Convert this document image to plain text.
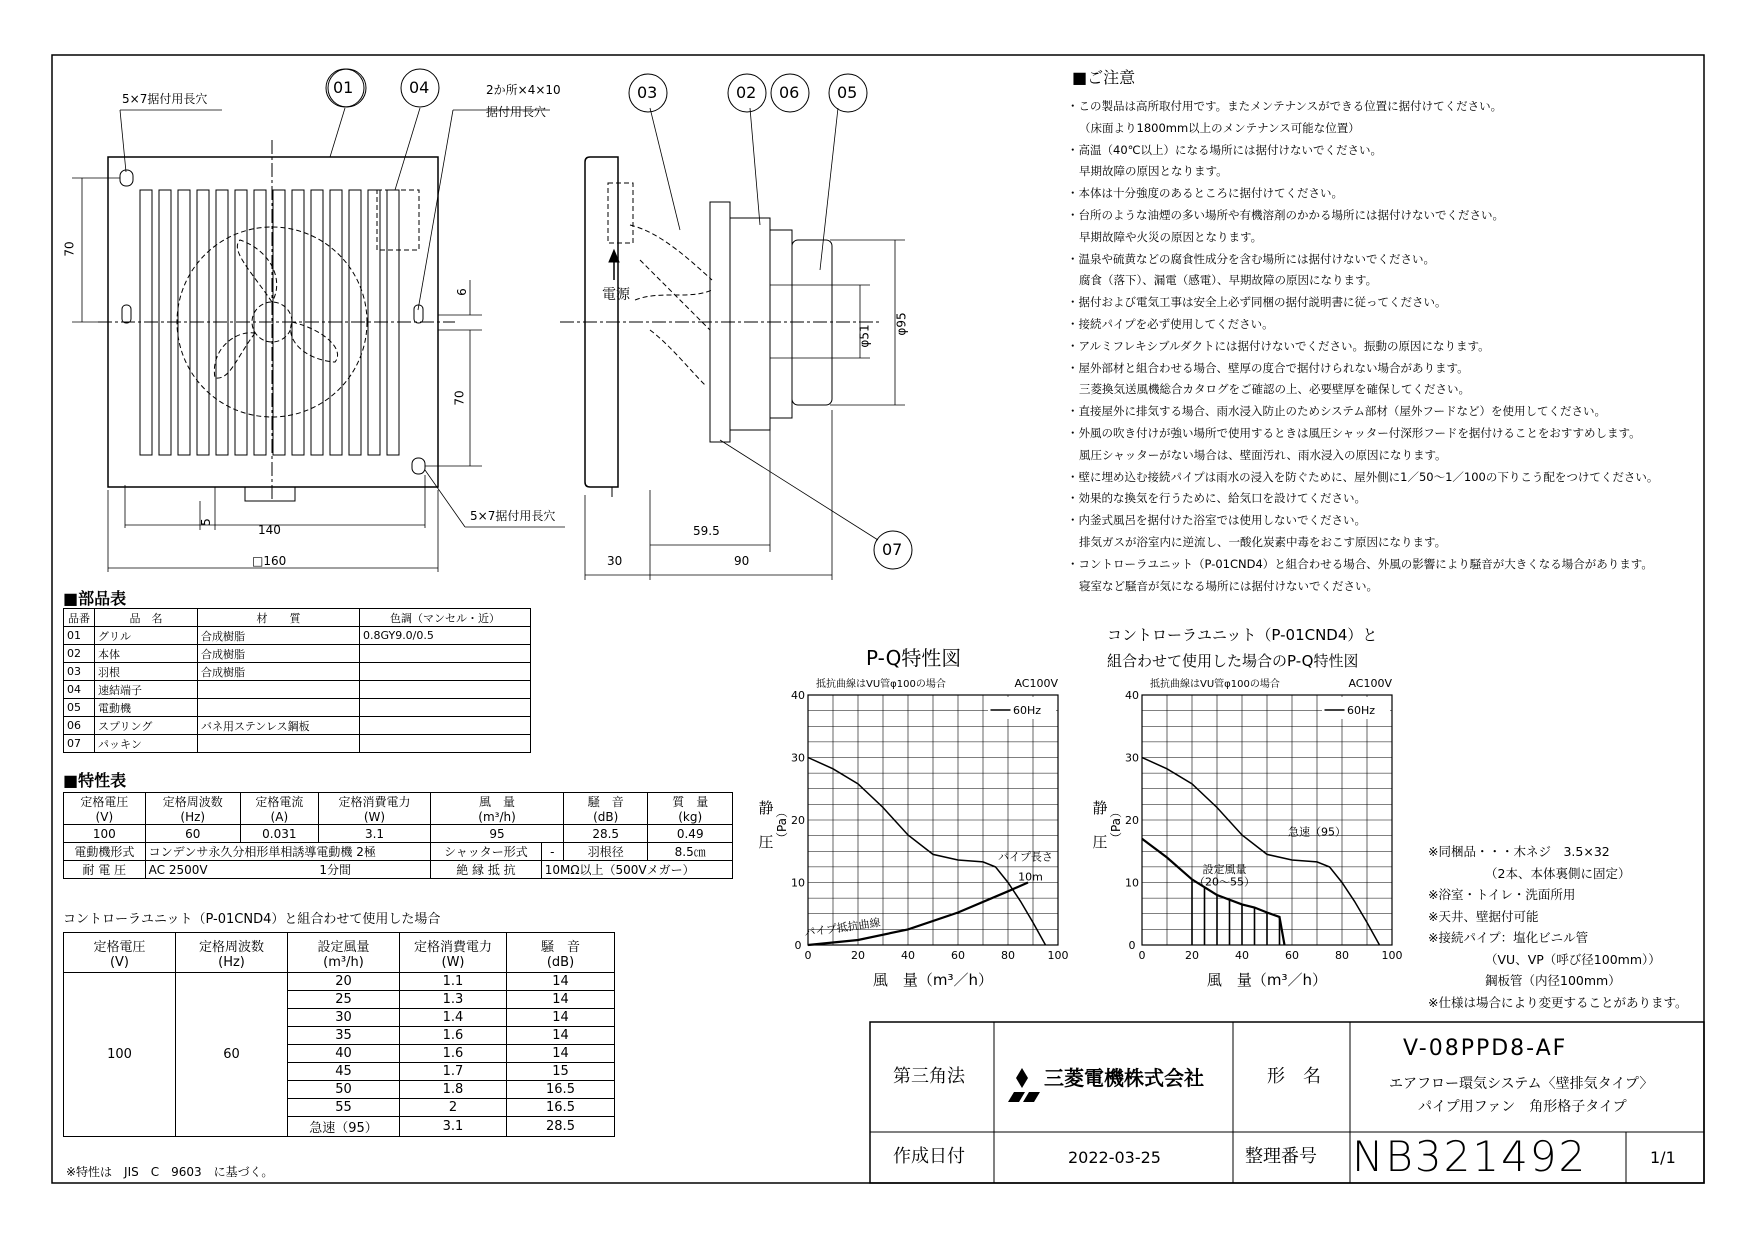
60Hz
AC100V
抵抗曲線はVU管φ100の場合
0	20	40	60	80	100
0
10
20
30
40
風　量（m³／h）
静
圧 （Pa）
パイプ長さ
10m
パイプ抵抗曲線
60Hz
AC100V
抵抗曲線はVU管φ100の場合
0	20	40	60	80	100
0
10
20
30
40
風　量（m³／h）
静
圧 （Pa）
設定風量
（20～55）
急速（95）
5×7据付用長穴
2か所×4×10
据付用長穴
5×7据付用長穴
01	04	03	02 06 05
07
70
6
70
5
140
□160
φ51
φ95
59.5
30	90
電源
■ご注意
・この製品は高所取付用です。またメンテナンスができる位置に据付けてください。
（床面より1800mm以上のメンテナンス可能な位置）
・高温（40℃以上）になる場所には据付けないでください。
早期故障の原因となります。
・本体は十分強度のあるところに据付けてください。
・台所のような油煙の多い場所や有機溶剤のかかる場所には据付けないでください。
早期故障や火災の原因となります。
・温泉や硫黄などの腐食性成分を含む場所には据付けないでください。
腐食（落下）、漏電（感電）、早期故障の原因になります。
・据付および電気工事は安全上必ず同梱の据付説明書に従ってください。
・接続パイプを必ず使用してください。
・アルミフレキシブルダクトには据付けないでください。振動の原因になります。
・屋外部材と組合わせる場合、壁厚の度合で据付けられない場合があります。
三菱換気送風機総合カタログをご確認の上、必要壁厚を確保してください。
・直接屋外に排気する場合、雨水浸入防止のためシステム部材（屋外フードなど）を使用してください。
・外風の吹き付けが強い場所で使用するときは風圧シャッター付深形フードを据付けることをおすすめします。
風圧シャッターがない場合は、壁面汚れ、雨水浸入の原因になります。
・壁に埋め込む接続パイプは雨水の浸入を防ぐために、屋外側に1／50～1／100の下りこう配をつけてください。
・効果的な換気を行うために、給気口を設けてください。
・内釜式風呂を据付けた浴室では使用しないでください。
排気ガスが浴室内に逆流し、一酸化炭素中毒をおこす原因になります。
・コントローラユニット（P-01CND4）と組合わせる場合、外風の影響により騒音が大きくなる場合があります。
寝室など騒音が気になる場所には据付けないでください。
■部品表
品番	品　名	材　　質	色調（マンセル・近）
01	グリル	合成樹脂	0.8GY9.0/0.5
02	本体	合成樹脂	
03	羽根	合成樹脂	
04	速結端子		
05	電動機		
06	スプリング	バネ用ステンレス鋼板	
07	パッキン		
■特性表
定格電圧
(V)	定格周波数
(Hz)	定格電流
(A)	定格消費電力
(W)	風　量
(m³/h)		騒　音
(dB)	質　量
(kg)
100	60	0.031	3.1	95		28.5	0.49
電動機形式	コンデンサ永久分相形単相誘導電動機 2極			シャッター形式	-	羽根径	8.5㎝
耐 電 圧	AC 2500V	1分間		絶 縁 抵 抗	10MΩ以上（500Vメガー）		
コントローラユニット（P-01CND4）と組合わせて使用した場合
定格電圧
(V)	定格周波数
(Hz)	設定風量
(m³/h)	定格消費電力
(W)	騒　音
(dB)
100	60	20	1.1	14
		25	1.3	14
		30	1.4	14
		35	1.6	14
		40	1.6	14
		45	1.7	15
		50	1.8	16.5
		55	2	16.5
		急速（95）	3.1	28.5
※特性は　JIS　C　9603　に基づく。
P-Q特性図
コントローラユニット（P-01CND4）と
組合わせて使用した場合のP-Q特性図
※同梱品・・・木ネジ　3.5×32
（2本、本体裏側に固定）
※浴室・トイレ・洗面所用
※天井、壁据付可能
※接続パイプ：塩化ビニル管
（VU、VP（呼び径100mm））
鋼板管（内径100mm）
※仕様は場合により変更することがあります。
第三角法	三菱電機株式会社	形　名
V-08PPD8-AF
エアフロー環気システム〈壁排気タイプ〉
パイプ用ファン　角形格子タイプ
作成日付	2022-03-25	整理番号 NB321492	1/1
